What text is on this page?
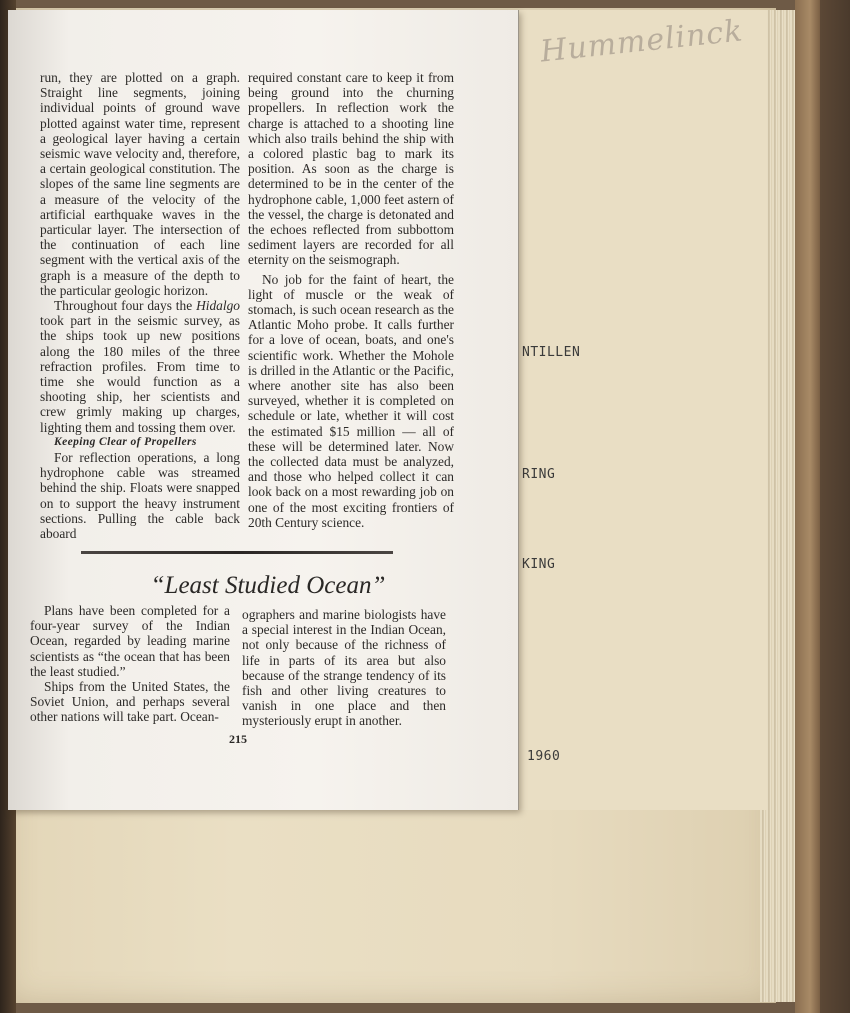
Hummelinck
NTILLEN
RING
KING
1960

run, they are plotted on a graph. Straight line segments, joining individual points of ground wave plotted against water time, represent a geological layer having a certain seismic wave velocity and, therefore, a certain geological constitution. The slopes of the same line segments are a measure of the velocity of the artificial earthquake waves in the particular layer. The intersection of the continuation of each line segment with the vertical axis of the graph is a measure of the depth to the particular geologic horizon.

Throughout four days the Hidalgo took part in the seismic survey, as the ships took up new positions along the 180 miles of the three refraction profiles. From time to time she would function as a shooting ship, her scientists and crew grimly making up charges, lighting them and tossing them over.

Keeping Clear of Propellers

For reflection operations, a long hydrophone cable was streamed behind the ship. Floats were snapped on to support the heavy instrument sections. Pulling the cable back aboard

required constant care to keep it from being ground into the churning propellers. In reflection work the charge is attached to a shooting line which also trails behind the ship with a colored plastic bag to mark its position. As soon as the charge is determined to be in the center of the hydrophone cable, 1,000 feet astern of the vessel, the charge is detonated and the echoes reflected from subbottom sediment layers are recorded for all eternity on the seismograph.

No job for the faint of heart, the light of muscle or the weak of stomach, is such ocean research as the Atlantic Moho probe. It calls further for a love of ocean, boats, and one's scientific work. Whether the Mohole is drilled in the Atlantic or the Pacific, where another site has also been surveyed, whether it is completed on schedule or late, whether it will cost the estimated $15 million — all of these will be determined later. Now the collected data must be analyzed, and those who helped collect it can look back on a most rewarding job on one of the most exciting frontiers of 20th Century science.

“Least Studied Ocean”

Plans have been completed for a four-year survey of the Indian Ocean, regarded by leading marine scientists as “the ocean that has been the least studied.”

Ships from the United States, the Soviet Union, and perhaps several other nations will take part. Ocean-

ographers and marine biologists have a special interest in the Indian Ocean, not only because of the richness of life in parts of its area but also because of the strange tendency of its fish and other living creatures to vanish in one place and then mysteriously erupt in another.

215
